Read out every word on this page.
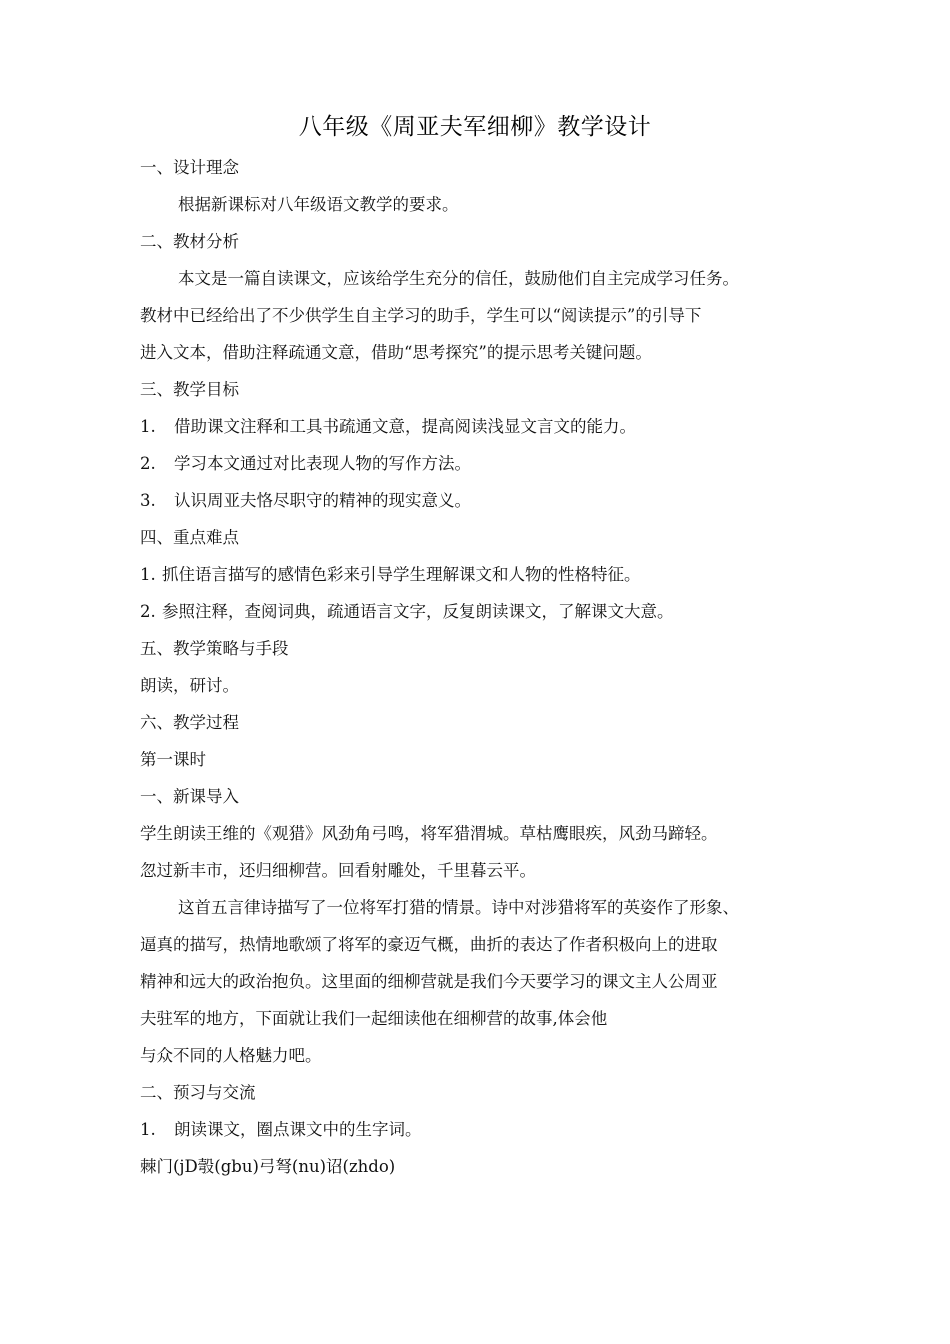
八年级《周亚夫军细柳》教学设计
一、设计理念
根据新课标对八年级语文教学的要求。
二、教材分析
本文是一篇自读课文，应该给学生充分的信任，鼓励他们自主完成学习任务。
教材中已经给出了不少供学生自主学习的助手，学生可以“阅读提示”的引导下
进入文本，借助注释疏通文意，借助“思考探究”的提示思考关键问题。
三、教学目标
1. 借助课文注释和工具书疏通文意，提高阅读浅显文言文的能力。
2. 学习本文通过对比表现人物的写作方法。
3. 认识周亚夫恪尽职守的精神的现实意义。
四、重点难点
1. 抓住语言描写的感情色彩来引导学生理解课文和人物的性格特征。
2. 参照注释，查阅词典，疏通语言文字，反复朗读课文，了解课文大意。
五、教学策略与手段
朗读，研讨。
六、教学过程
第一课时
一、新课导入
学生朗读王维的《观猎》风劲角弓鸣，将军猎渭城。草枯鹰眼疾，风劲马蹄轻。
忽过新丰市，还归细柳营。回看射雕处，千里暮云平。
这首五言律诗描写了一位将军打猎的情景。诗中对涉猎将军的英姿作了形象、
逼真的描写，热情地歌颂了将军的豪迈气概，曲折的表达了作者积极向上的进取
精神和远大的政治抱负。这里面的细柳营就是我们今天要学习的课文主人公周亚
夫驻军的地方，下面就让我们一起细读他在细柳营的故事,体会他
与众不同的人格魅力吧。
二、预习与交流
1. 朗读课文，圈点课文中的生字词。
棘门(jD彀(gbu)弓弩(nu)诏(zhdo)
